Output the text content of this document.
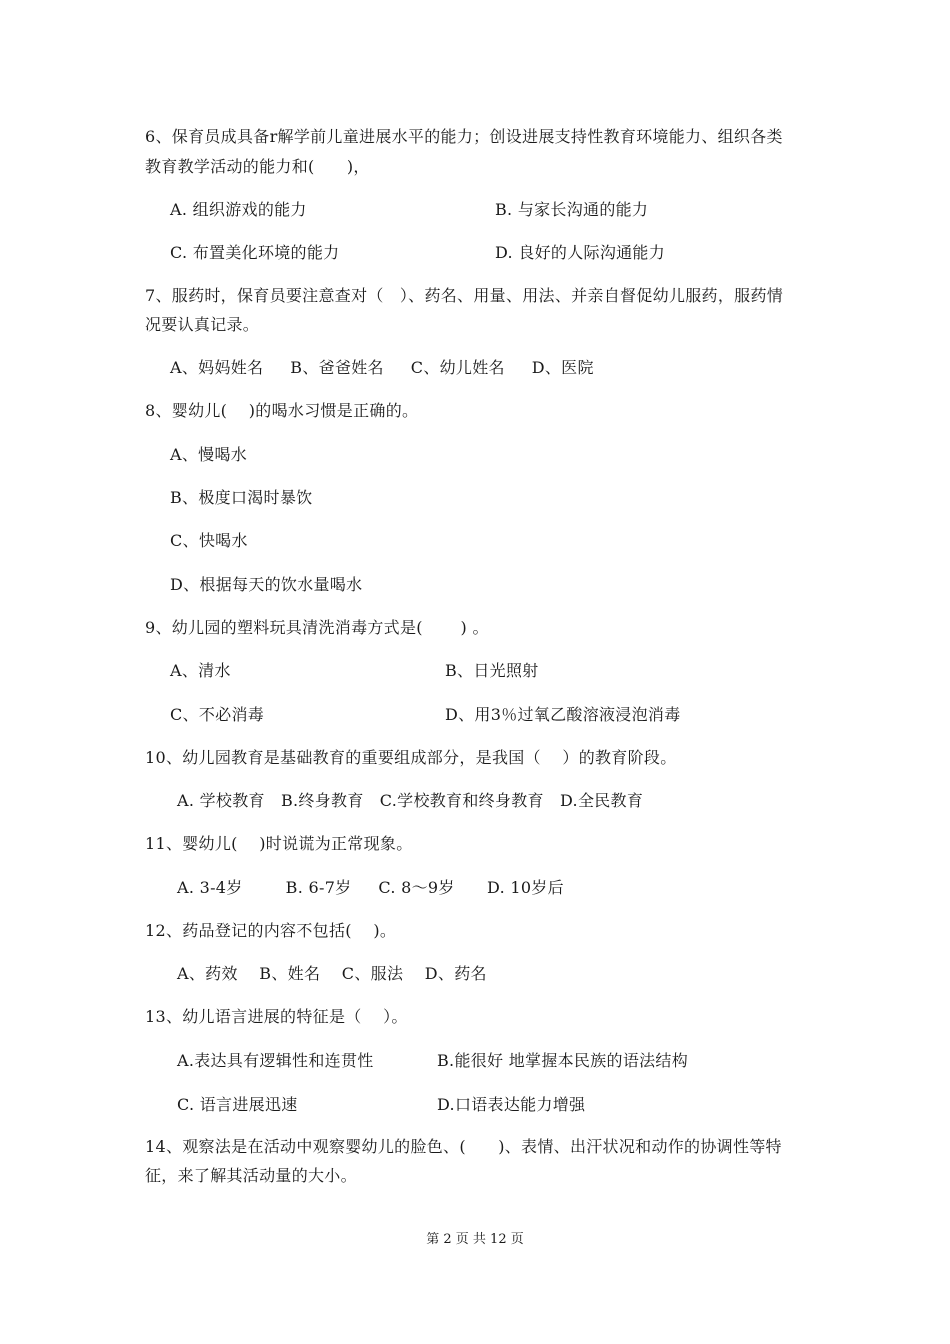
6、保育员成具备r解学前儿童进展水平的能力；创设进展支持性教育环境能力、组织各类
教育教学活动的能力和(      )，
A. 组织游戏的能力	B. 与家长沟通的能力
C. 布置美化环境的能力	D. 良好的人际沟通能力
7、服药时，保育员要注意查对（   ）、药名、用量、用法、并亲自督促幼儿服药，服药情
况要认真记录。
A、妈妈姓名     B、爸爸姓名     C、幼儿姓名     D、医院
8、婴幼儿(    )的喝水习惯是正确的。
A、慢喝水
B、极度口渴时暴饮
C、快喝水
D、根据每天的饮水量喝水
9、幼儿园的塑料玩具清洗消毒方式是(       ) 。
A、清水	B、日光照射
C、不必消毒	D、用3％过氧乙酸溶液浸泡消毒
10、幼儿园教育是基础教育的重要组成部分，是我国（    ）的教育阶段。
A. 学校教育   B.终身教育   C.学校教育和终身教育   D.全民教育
11、婴幼儿(    )时说谎为正常现象。
A. 3-4岁        B. 6-7岁     C. 8～9岁      D. 10岁后
12、药品登记的内容不包括(    )。
A、药效    B、姓名    C、服法    D、药名
13、幼儿语言进展的特征是（    ）。
A.表达具有逻辑性和连贯性	B.能很好 地掌握本民族的语法结构
C. 语言进展迅速	D.口语表达能力增强
14、观察法是在活动中观察婴幼儿的脸色、(      )、表情、出汗状况和动作的协调性等特
征，来了解其活动量的大小。
第 2 页 共 12 页
